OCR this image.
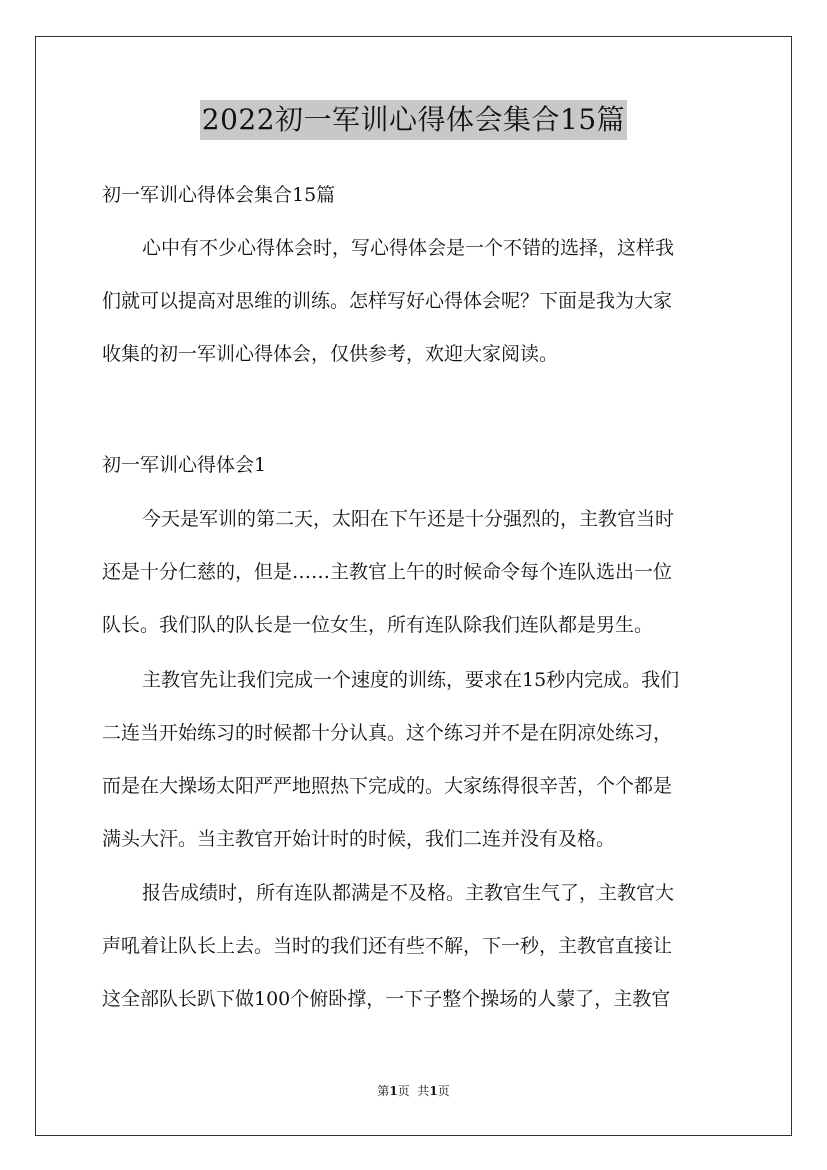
2022初一军训心得体会集合15篇
初一军训心得体会集合15篇
心中有不少心得体会时，写心得体会是一个不错的选择，这样我
们就可以提高对思维的训练。怎样写好心得体会呢？下面是我为大家
收集的初一军训心得体会，仅供参考，欢迎大家阅读。
初一军训心得体会1
今天是军训的第二天，太阳在下午还是十分强烈的，主教官当时
还是十分仁慈的，但是……主教官上午的时候命令每个连队选出一位
队长。我们队的队长是一位女生，所有连队除我们连队都是男生。
主教官先让我们完成一个速度的训练，要求在15秒内完成。我们
二连当开始练习的时候都十分认真。这个练习并不是在阴凉处练习，
而是在大操场太阳严严地照热下完成的。大家练得很辛苦，个个都是
满头大汗。当主教官开始计时的时候，我们二连并没有及格。
报告成绩时，所有连队都满是不及格。主教官生气了，主教官大
声吼着让队长上去。当时的我们还有些不解，下一秒，主教官直接让
这全部队长趴下做100个俯卧撑，一下子整个操场的人蒙了，主教官
第1页  共1页
